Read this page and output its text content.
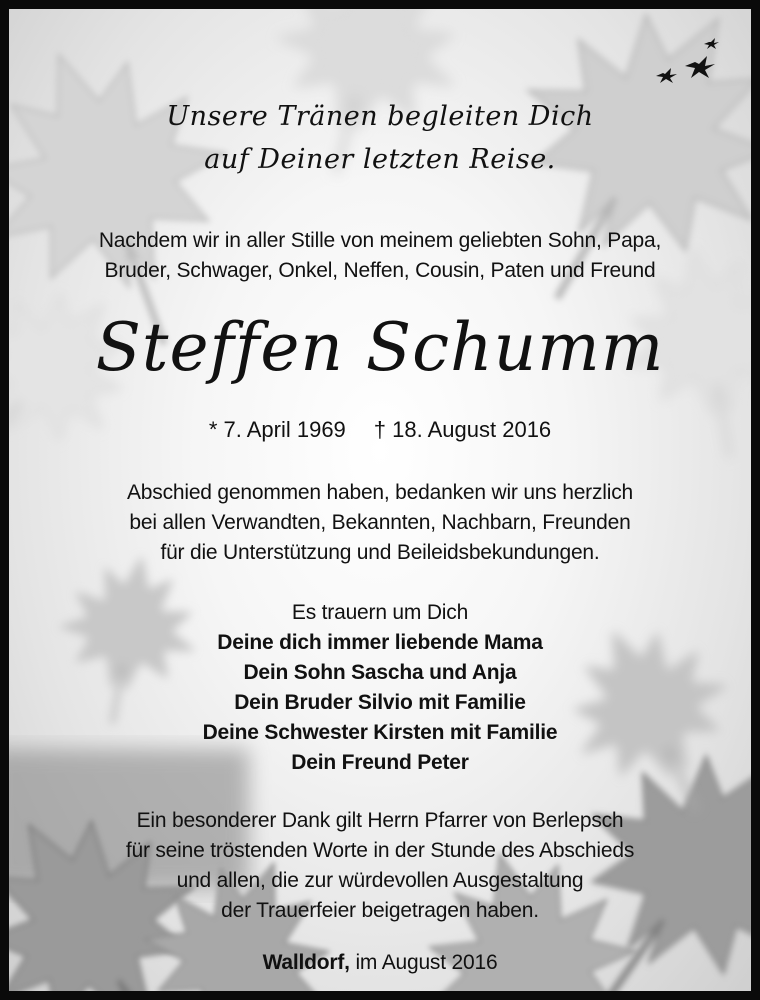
Unsere Tränen begleiten Dich
auf Deiner letzten Reise.
Nachdem wir in aller Stille von meinem geliebten Sohn, Papa,
Bruder, Schwager, Onkel, Neffen, Cousin, Paten und Freund
Steffen Schumm
* 7. April 1969 † 18. August 2016
Abschied genommen haben, bedanken wir uns herzlich
bei allen Verwandten, Bekannten, Nachbarn, Freunden
für die Unterstützung und Beileidsbekundungen.
Es trauern um Dich
Deine dich immer liebende Mama
Dein Sohn Sascha und Anja
Dein Bruder Silvio mit Familie
Deine Schwester Kirsten mit Familie
Dein Freund Peter
Ein besonderer Dank gilt Herrn Pfarrer von Berlepsch
für seine tröstenden Worte in der Stunde des Abschieds
und allen, die zur würdevollen Ausgestaltung
der Trauerfeier beigetragen haben.
Walldorf, im August 2016
